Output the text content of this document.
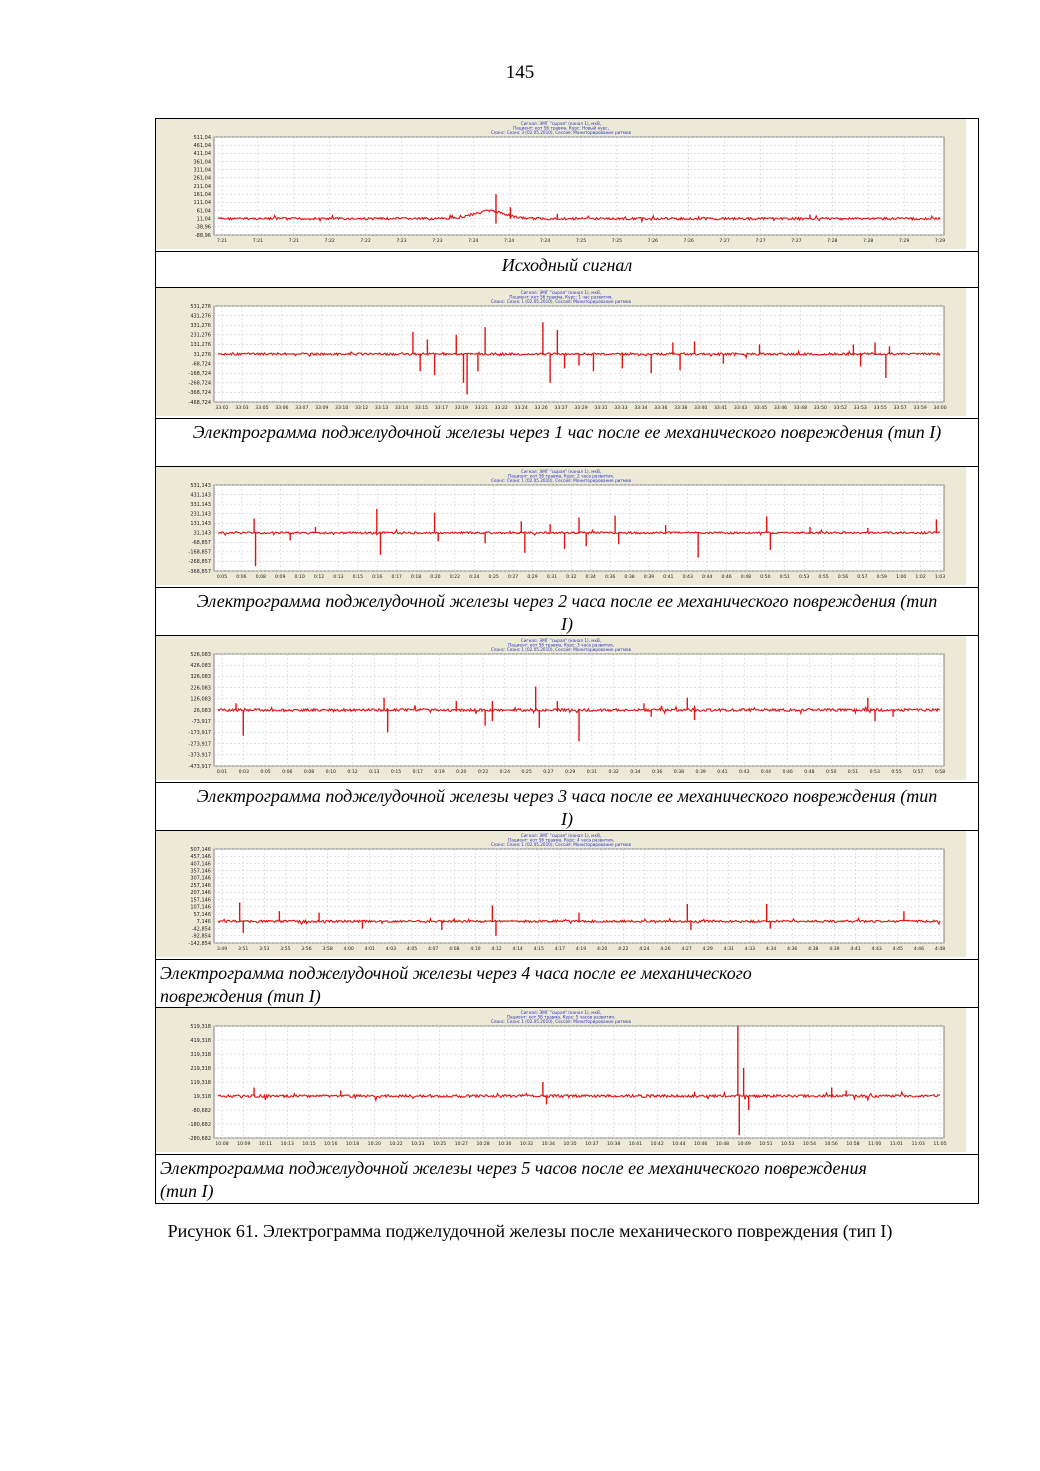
145
Сигнал: ЭМГ "сырая" (канал 1), мкВ,
Пациент: кот 56 травма, Курс: Новый курс,
Сеанс: Сеанс 3 (02.05.2010), Сессия: Мониторирование ритмов
511,04
461,04
411,04
361,04
311,04
261,04
211,04
161,04
111,04
61,04
11,04
-38,96
-88,96
7:21	7:21	7:21	7:22	7:22	7:23	7:23	7:24	7:24	7:24	7:25	7:25	7:26	7:26	7:27	7:27	7:27	7:28	7:28	7:29	7:29
Исходный сигнал
Сигнал: ЭМГ "сырая" (канал 1), мкВ,
Пациент: кот 56 травма, Курс: 1 час развития,
Сеанс: Сеанс 1 (02.05.2010), Сессия: Мониторирование ритмов
531,276
431,276
331,276
231,276
131,276
31,276
-68,724
-168,724
-268,724
-368,724
-468,724
33:02 33:03 33:05 33:06 33:07 33:09 33:10 33:12 33:13 33:14 33:15 33:17 33:19 33:21 33:22 33:24 33:26 33:27 33:29 33:31 33:33 33:34 33:36 33:38 33:40 33:41 33:43 33:45 33:46 33:48 33:50 33:52 33:53 33:55 33:57 33:59 34:00
Электрограмма поджелудочной железы через 1 час после ее механического повреждения (тип I)
Сигнал: ЭМГ "сырая" (канал 1), мкВ,
Пациент: кот 56 травма, Курс: 2 часа развития,
Сеанс: Сеанс 1 (02.05.2010), Сессия: Мониторирование ритмов
531,143
431,143
331,143
231,143
131,143
31,143
-68,857
-168,857
-268,857
-368,857
0:05 0:06 0:08 0:09 0:10 0:12 0:13 0:15 0:16 0:17 0:18 0:20 0:22 0:24 0:25 0:27 0:29 0:31 0:32 0:34 0:36 0:38 0:39 0:41 0:43 0:44 0:46 0:48 0:50 0:51 0:53 0:55 0:56 0:57 0:59 1:00 1:02 1:03
Электрограмма поджелудочной железы через 2 часа после ее механического повреждения (тип I)
Сигнал: ЭМГ "сырая" (канал 1), мкВ,
Пациент: кот 56 травма, Курс: 3 часа развития,
Сеанс: Сеанс 1 (02.05.2010), Сессия: Мониторирование ритмов
526,083
426,083
326,083
226,083
126,083
26,083
-73,917
-173,917
-273,917
-373,917
-473,917
0:01 0:03 0:05 0:06 0:08 0:10 0:12 0:13 0:15 0:17 0:19 0:20 0:22 0:24 0:25 0:27 0:29 0:31 0:32 0:34 0:36 0:38 0:39 0:41 0:43 0:44 0:46 0:48 0:50 0:51 0:53 0:55 0:57 0:58
Электрограмма поджелудочной железы через 3 часа после ее механического повреждения (тип I)
Сигнал: ЭМГ "сырая" (канал 1), мкВ,
Пациент: кот 56 травма, Курс: 4 часа развития,
Сеанс: Сеанс 1 (02.05.2010), Сессия: Мониторирование ритмов
507,146
457,146
407,146
357,146
307,146
257,146
207,146
157,146
107,146
57,146
7,146
-42,854
-92,854
-142,854
3:49 3:51 3:53 3:55 3:56 3:58 4:00 4:01 4:03 4:05 4:07 4:08 4:10 4:12 4:14 4:15 4:17 4:19 4:20 4:22 4:24 4:26 4:27 4:29 4:31 4:33 4:34 4:36 4:38 4:39 4:41 4:43 4:45 4:46 4:48
Электрограмма поджелудочной железы через 4 часа после ее механического повреждения (тип I)
Сигнал: ЭМГ "сырая" (канал 1), мкВ,
Пациент: кот 56 травма, Курс: 5 часов развития,
Сеанс: Сеанс 1 (02.05.2010), Сессия: Мониторирование ритмов
519,318
419,318
319,318
219,318
119,318
19,318
-80,682
-180,682
-280,682
10:08 10:09 10:11 10:13 10:15 10:16 10:18 10:20 10:22 10:23 10:25 10:27 10:28 10:30 10:32 10:34 10:35 10:37 10:38 10:41 10:42 10:44 10:46 10:48 10:49 10:51 10:53 10:54 10:56 10:58 11:00 11:01 11:03 11:05
Электрограмма поджелудочной железы через 5 часов после ее механического повреждения (тип I)
Рисунок 61. Электрограмма поджелудочной железы после механического повреждения (тип I)
